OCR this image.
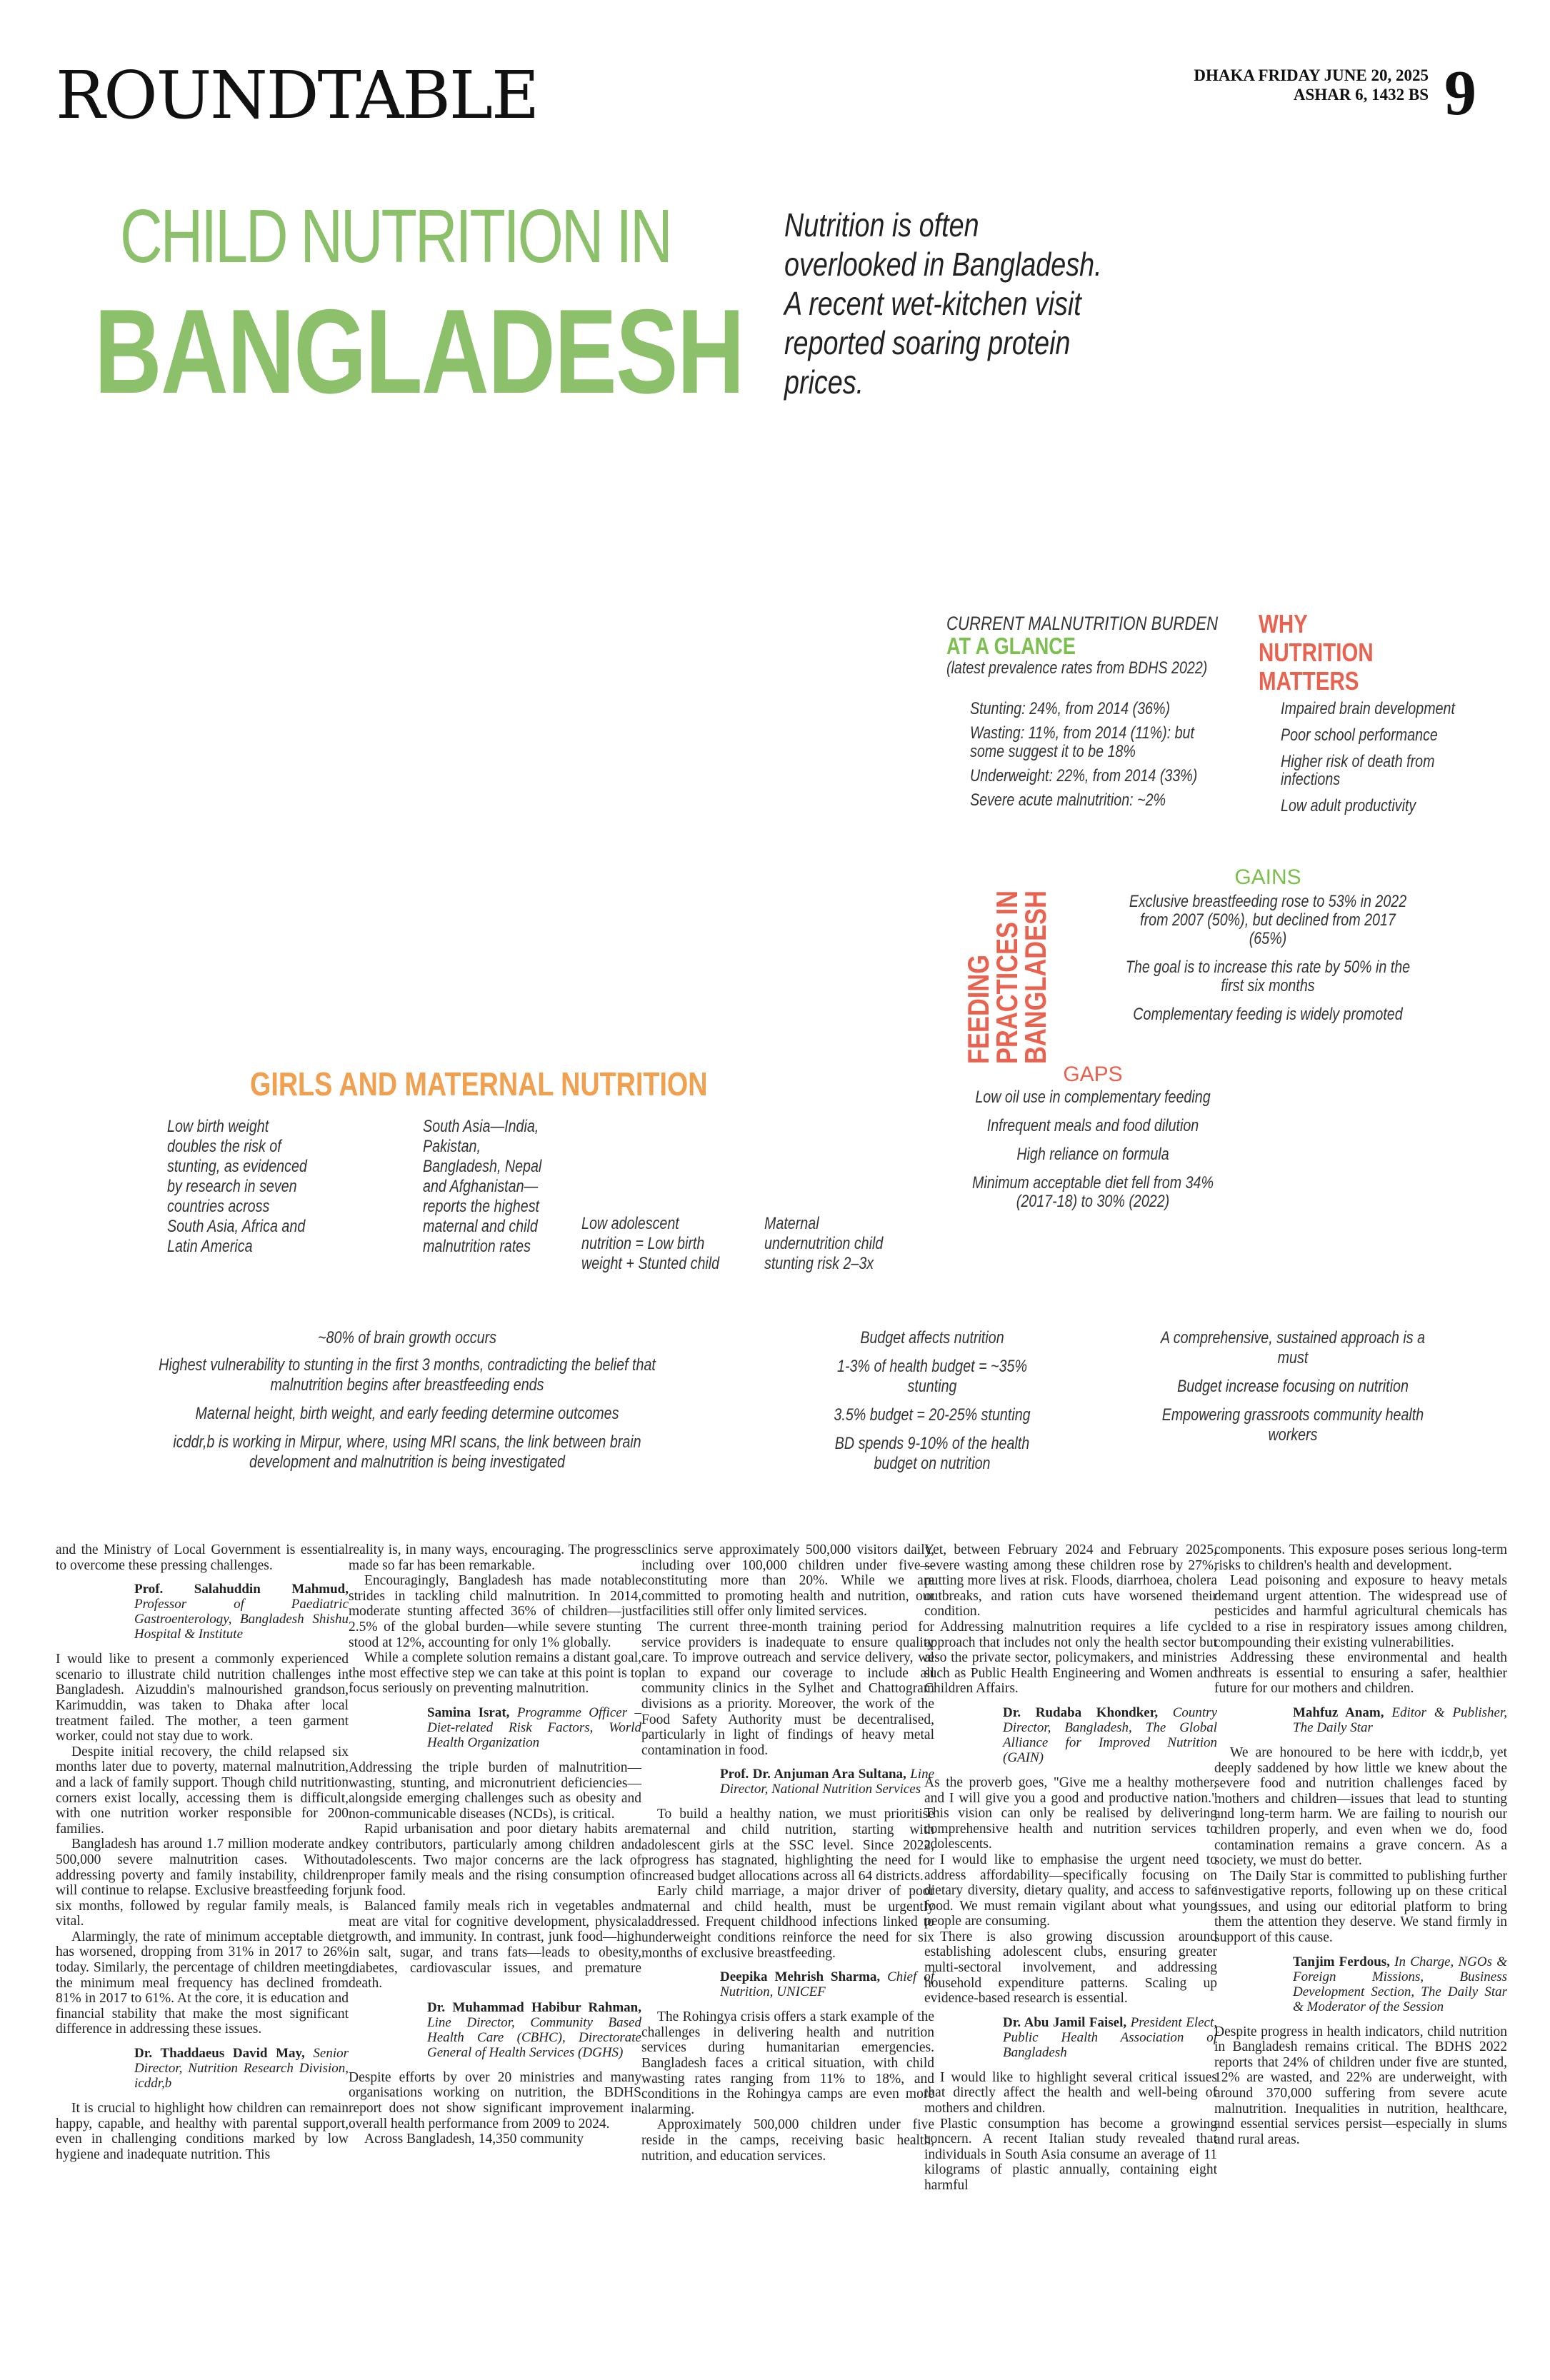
ROUNDTABLE	DHAKA FRIDAY JUNE 20, 2025
ASHAR 6, 1432 BS 9
CHILD NUTRITION IN
BANGLADESH
Nutrition is often overlooked in Bangladesh. A recent wet-kitchen visit reported soaring protein prices.
CURRENT MALNUTRITION BURDEN
AT A GLANCE
(latest prevalence rates from BDHS 2022)
Stunting: 24%, from 2014 (36%)
Wasting: 11%, from 2014 (11%): but some suggest it to be 18%
Underweight: 22%, from 2014 (33%)
Severe acute malnutrition: ~2%
WHY
NUTRITION
MATTERS
Impaired brain development
Poor school performance
Higher risk of death from infections
Low adult productivity
FEEDING
PRACTICES IN
BANGLADESH
GAINS
Exclusive breastfeeding rose to 53% in 2022 from 2007 (50%), but declined from 2017 (65%)
The goal is to increase this rate by 50% in the first six months
Complementary feeding is widely promoted
GAPS
Low oil use in complementary feeding
Infrequent meals and food dilution
High reliance on formula
Minimum acceptable diet fell from 34% (2017-18) to 30% (2022)
GIRLS AND MATERNAL NUTRITION
Low birth weight doubles the risk of stunting, as evidenced by research in seven countries across South Asia, Africa and Latin America
South Asia—India, Pakistan, Bangladesh, Nepal and Afghanistan—reports the highest maternal and child malnutrition rates
Low adolescent nutrition = Low birth weight + Stunted child
Maternal undernutrition child stunting risk 2–3x
~80% of brain growth occurs
Highest vulnerability to stunting in the first 3 months, contradicting the belief that malnutrition begins after breastfeeding ends
Maternal height, birth weight, and early feeding determine outcomes
icddr,b is working in Mirpur, where, using MRI scans, the link between brain development and malnutrition is being investigated
Budget affects nutrition
1-3% of health budget = ~35% stunting
3.5% budget = 20-25% stunting
BD spends 9-10% of the health budget on nutrition
A comprehensive, sustained approach is a must
Budget increase focusing on nutrition
Empowering grassroots community health workers

and the Ministry of Local Government is essential to overcome these pressing challenges.

Prof. Salahuddin Mahmud, Professor of Paediatric Gastroenterology, Bangladesh Shishu Hospital & Institute

I would like to present a commonly experienced scenario to illustrate child nutrition challenges in Bangladesh. Aizuddin's malnourished grandson, Karimuddin, was taken to Dhaka after local treatment failed. The mother, a teen garment worker, could not stay due to work.

Despite initial recovery, the child relapsed six months later due to poverty, maternal malnutrition, and a lack of family support. Though child nutrition corners exist locally, accessing them is difficult, with one nutrition worker responsible for 200 families.

Bangladesh has around 1.7 million moderate and 500,000 severe malnutrition cases. Without addressing poverty and family instability, children will continue to relapse. Exclusive breastfeeding for six months, followed by regular family meals, is vital.

Alarmingly, the rate of minimum acceptable diet has worsened, dropping from 31% in 2017 to 26% today. Similarly, the percentage of children meeting the minimum meal frequency has declined from 81% in 2017 to 61%. At the core, it is education and financial stability that make the most significant difference in addressing these issues.

Dr. Thaddaeus David May, Senior Director, Nutrition Research Division, icddr,b

It is crucial to highlight how children can remain happy, capable, and healthy with parental support, even in challenging conditions marked by low hygiene and inadequate nutrition. This

reality is, in many ways, encouraging. The progress made so far has been remarkable.

Encouragingly, Bangladesh has made notable strides in tackling child malnutrition. In 2014, moderate stunting affected 36% of children—just 2.5% of the global burden—while severe stunting stood at 12%, accounting for only 1% globally.

While a complete solution remains a distant goal, the most effective step we can take at this point is to focus seriously on preventing malnutrition.

Samina Israt, Programme Officer – Diet-related Risk Factors, World Health Organization

Addressing the triple burden of malnutrition—wasting, stunting, and micronutrient deficiencies—alongside emerging challenges such as obesity and non-communicable diseases (NCDs), is critical.

Rapid urbanisation and poor dietary habits are key contributors, particularly among children and adolescents. Two major concerns are the lack of proper family meals and the rising consumption of junk food.

Balanced family meals rich in vegetables and meat are vital for cognitive development, physical growth, and immunity. In contrast, junk food—high in salt, sugar, and trans fats—leads to obesity, diabetes, cardiovascular issues, and premature death.

Dr. Muhammad Habibur Rahman, Line Director, Community Based Health Care (CBHC), Directorate General of Health Services (DGHS)

Despite efforts by over 20 ministries and many organisations working on nutrition, the BDHS report does not show significant improvement in overall health performance from 2009 to 2024.

Across Bangladesh, 14,350 community

clinics serve approximately 500,000 visitors daily, including over 100,000 children under five—constituting more than 20%. While we are committed to promoting health and nutrition, our facilities still offer only limited services.

The current three-month training period for service providers is inadequate to ensure quality care. To improve outreach and service delivery, we plan to expand our coverage to include all community clinics in the Sylhet and Chattogram divisions as a priority. Moreover, the work of the Food Safety Authority must be decentralised, particularly in light of findings of heavy metal contamination in food.

Prof. Dr. Anjuman Ara Sultana, Line Director, National Nutrition Services

To build a healthy nation, we must prioritise maternal and child nutrition, starting with adolescent girls at the SSC level. Since 2022, progress has stagnated, highlighting the need for increased budget allocations across all 64 districts.

Early child marriage, a major driver of poor maternal and child health, must be urgently addressed. Frequent childhood infections linked to underweight conditions reinforce the need for six months of exclusive breastfeeding.

Deepika Mehrish Sharma, Chief of Nutrition, UNICEF

The Rohingya crisis offers a stark example of the challenges in delivering health and nutrition services during humanitarian emergencies. Bangladesh faces a critical situation, with child wasting rates ranging from 11% to 18%, and conditions in the Rohingya camps are even more alarming.

Approximately 500,000 children under five reside in the camps, receiving basic health, nutrition, and education services.

Yet, between February 2024 and February 2025, severe wasting among these children rose by 27%, putting more lives at risk. Floods, diarrhoea, cholera outbreaks, and ration cuts have worsened their condition.

Addressing malnutrition requires a life cycle approach that includes not only the health sector but also the private sector, policymakers, and ministries such as Public Health Engineering and Women and Children Affairs.

Dr. Rudaba Khondker, Country Director, Bangladesh, The Global Alliance for Improved Nutrition (GAIN)

As the proverb goes, "Give me a healthy mother, and I will give you a good and productive nation." This vision can only be realised by delivering comprehensive health and nutrition services to adolescents.

I would like to emphasise the urgent need to address affordability—specifically focusing on dietary diversity, dietary quality, and access to safe food. We must remain vigilant about what young people are consuming.

There is also growing discussion around establishing adolescent clubs, ensuring greater multi-sectoral involvement, and addressing household expenditure patterns. Scaling up evidence-based research is essential.

Dr. Abu Jamil Faisel, President Elect, Public Health Association of Bangladesh

I would like to highlight several critical issues that directly affect the health and well-being of mothers and children.

Plastic consumption has become a growing concern. A recent Italian study revealed that individuals in South Asia consume an average of 11 kilograms of plastic annually, containing eight harmful

components. This exposure poses serious long-term risks to children's health and development.

Lead poisoning and exposure to heavy metals demand urgent attention. The widespread use of pesticides and harmful agricultural chemicals has led to a rise in respiratory issues among children, compounding their existing vulnerabilities.

Addressing these environmental and health threats is essential to ensuring a safer, healthier future for our mothers and children.

Mahfuz Anam, Editor & Publisher, The Daily Star

We are honoured to be here with icddr,b, yet deeply saddened by how little we knew about the severe food and nutrition challenges faced by mothers and children—issues that lead to stunting and long-term harm. We are failing to nourish our children properly, and even when we do, food contamination remains a grave concern. As a society, we must do better.

The Daily Star is committed to publishing further investigative reports, following up on these critical issues, and using our editorial platform to bring them the attention they deserve. We stand firmly in support of this cause.

Tanjim Ferdous, In Charge, NGOs & Foreign Missions, Business Development Section, The Daily Star & Moderator of the Session

Despite progress in health indicators, child nutrition in Bangladesh remains critical. The BDHS 2022 reports that 24% of children under five are stunted, 12% are wasted, and 22% are underweight, with around 370,000 suffering from severe acute malnutrition. Inequalities in nutrition, healthcare, and essential services persist—especially in slums and rural areas.
